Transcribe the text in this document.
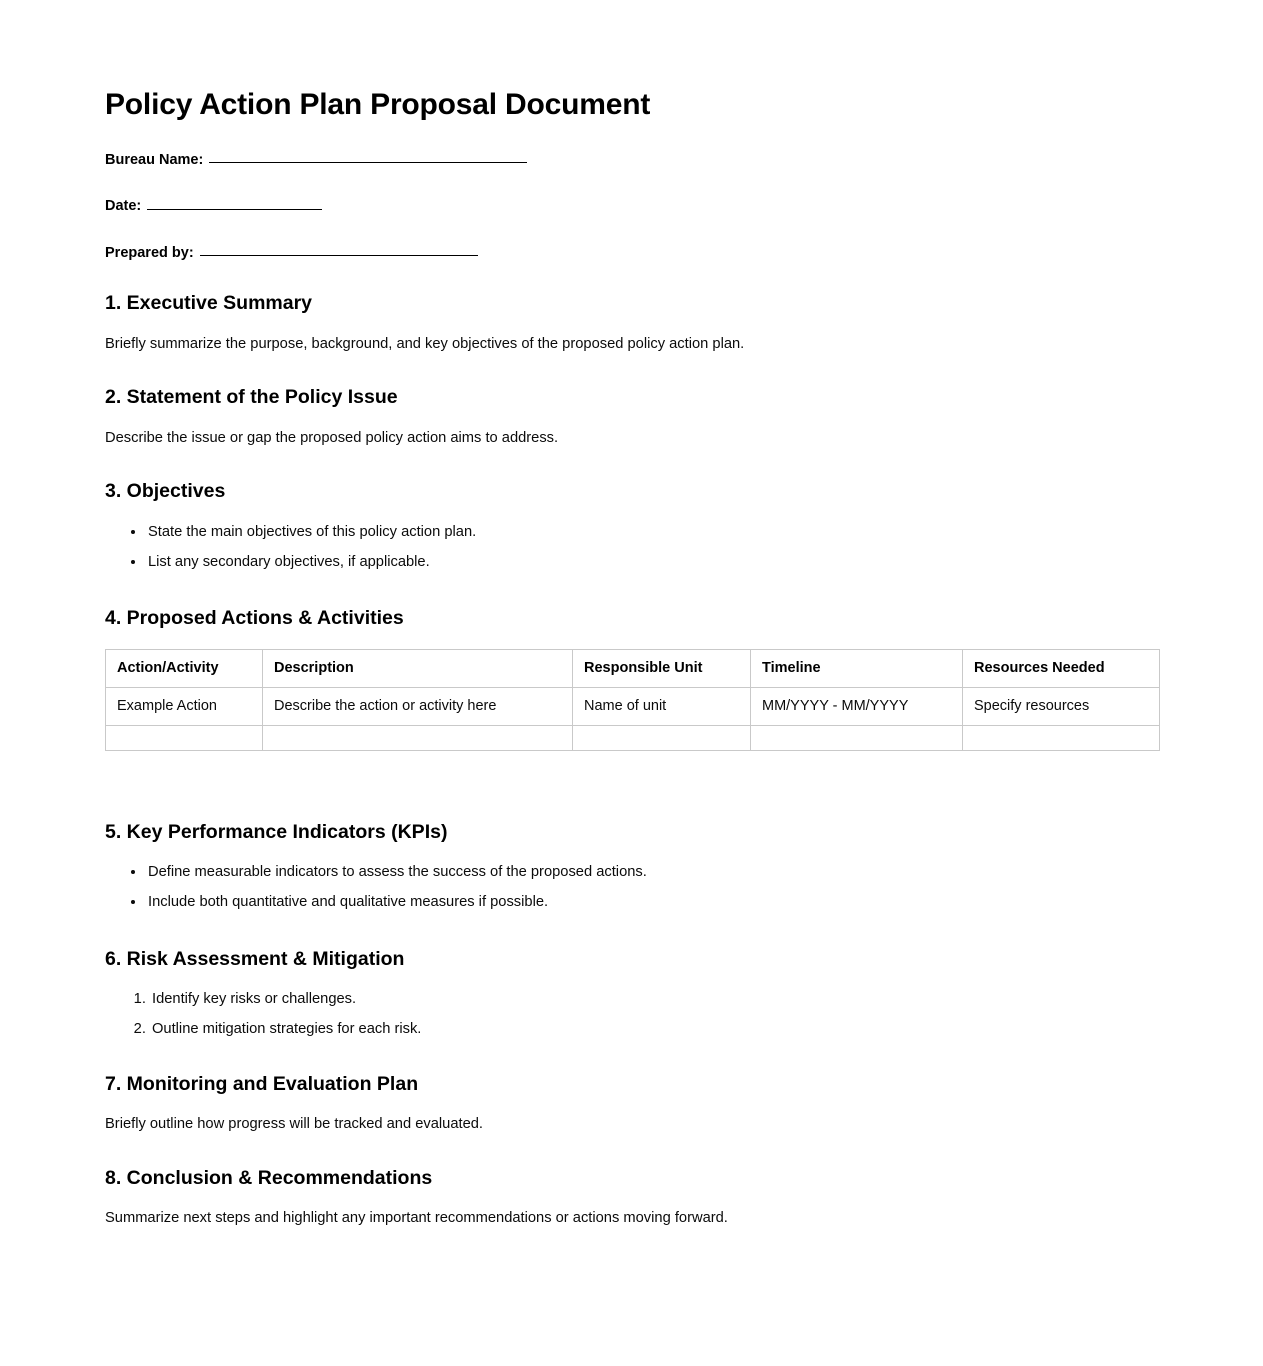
Policy Action Plan Proposal Document
Bureau Name:
Date:
Prepared by:
1. Executive Summary

Briefly summarize the purpose, background, and key objectives of the proposed policy action plan.

2. Statement of the Policy Issue

Describe the issue or gap the proposed policy action aims to address.

3. Objectives
• State the main objectives of this policy action plan.
• List any secondary objectives, if applicable.
4. Proposed Actions & Activities
Action/Activity	Description	Responsible Unit	Timeline	Resources Needed
Example Action	Describe the action or activity here	Name of unit	MM/YYYY - MM/YYYY	Specify resources

5. Key Performance Indicators (KPIs)
• Define measurable indicators to assess the success of the proposed actions.
• Include both quantitative and qualitative measures if possible.
6. Risk Assessment & Mitigation
1. Identify key risks or challenges.
2. Outline mitigation strategies for each risk.
7. Monitoring and Evaluation Plan

Briefly outline how progress will be tracked and evaluated.

8. Conclusion & Recommendations

Summarize next steps and highlight any important recommendations or actions moving forward.
